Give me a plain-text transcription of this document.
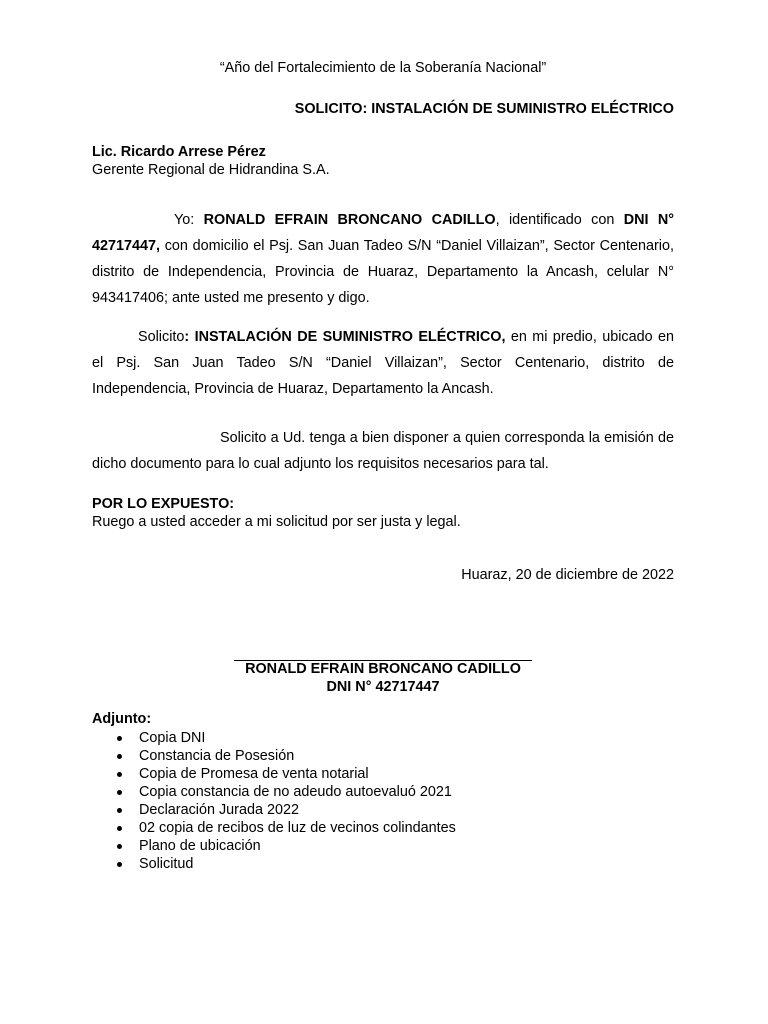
“Año del Fortalecimiento de la Soberanía Nacional”
SOLICITO: INSTALACIÓN DE SUMINISTRO ELÉCTRICO
Lic. Ricardo Arrese Pérez
Gerente Regional de Hidrandina S.A.

Yo: RONALD EFRAIN BRONCANO CADILLO, identificado con DNI N° 42717447, con domicilio el Psj. San Juan Tadeo S/N “Daniel Villaizan”, Sector Centenario, distrito de Independencia, Provincia de Huaraz, Departamento la Ancash, celular N° 943417406; ante usted me presento y digo.

Solicito: INSTALACIÓN DE SUMINISTRO ELÉCTRICO, en mi predio, ubicado en el Psj. San Juan Tadeo S/N “Daniel Villaizan”, Sector Centenario, distrito de Independencia, Provincia de Huaraz, Departamento la Ancash.

Solicito a Ud. tenga a bien disponer a quien corresponda la emisión de dicho documento para lo cual adjunto los requisitos necesarios para tal.

POR LO EXPUESTO:
Ruego a usted acceder a mi solicitud por ser justa y legal.
Huaraz, 20 de diciembre de 2022
RONALD EFRAIN BRONCANO CADILLO
DNI N° 42717447
Adjunto:
Copia DNI
Constancia de Posesión
Copia de Promesa de venta notarial
Copia constancia de no adeudo autoevaluó 2021
Declaración Jurada 2022
02 copia de recibos de luz de vecinos colindantes
Plano de ubicación
Solicitud
